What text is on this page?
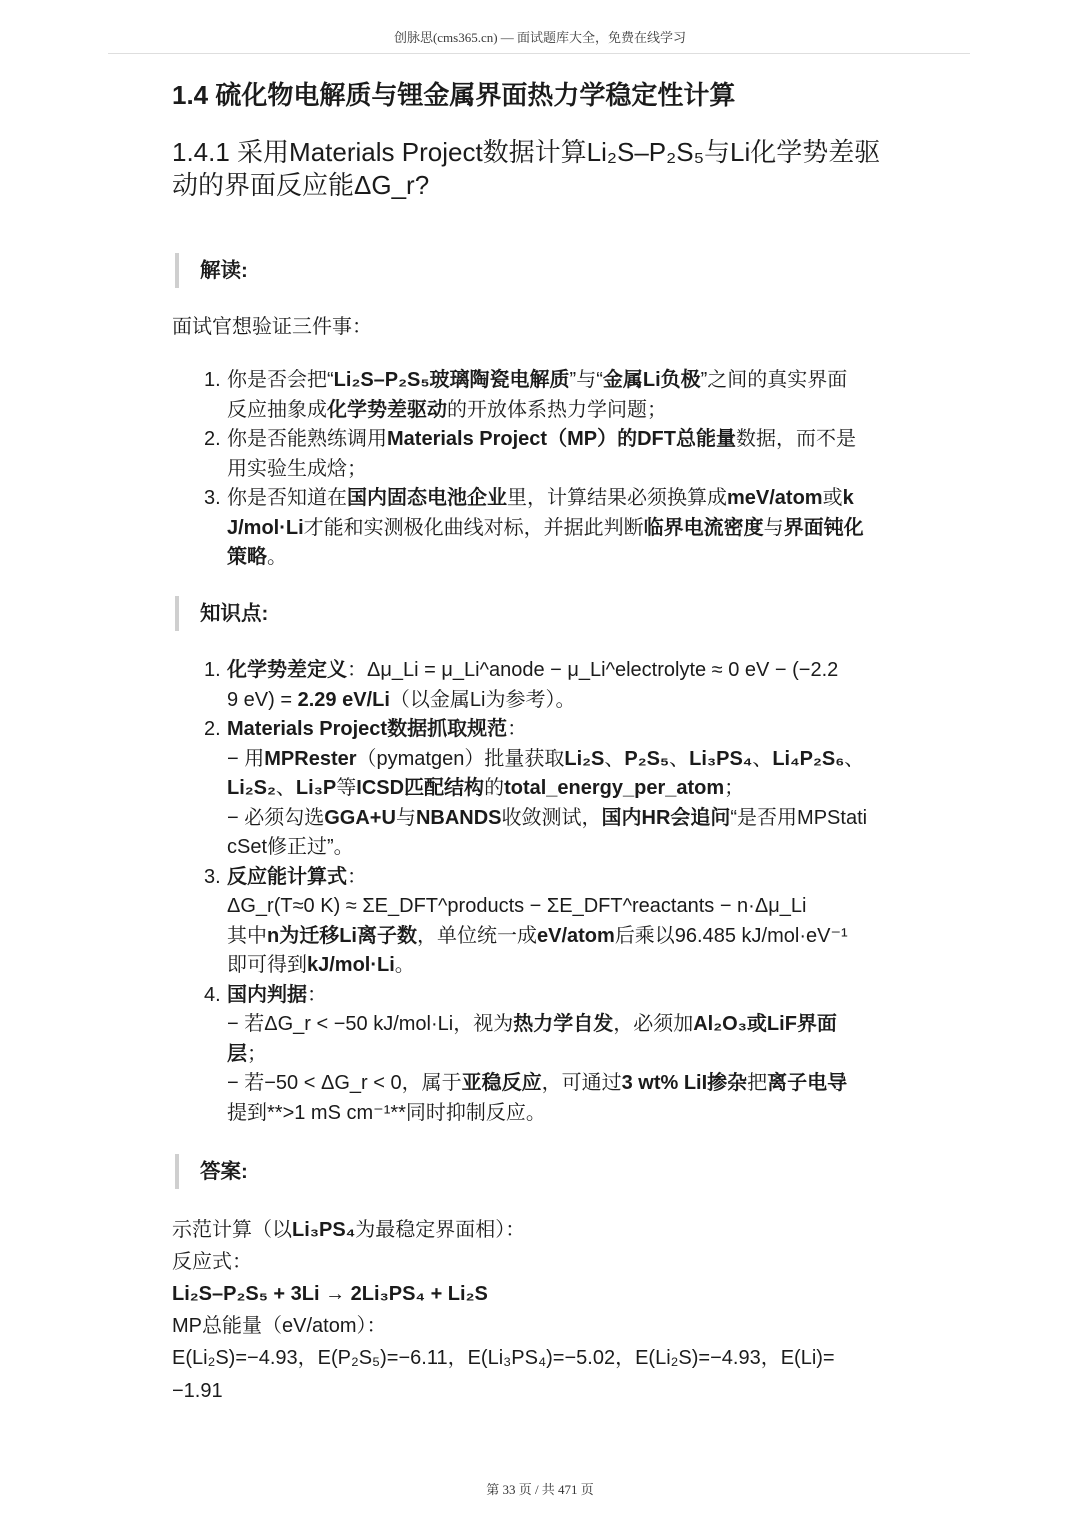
创脉思(cms365.cn) — 面试题库大全，免费在线学习
1.4 硫化物电解质与锂金属界面热力学稳定性计算
1.4.1 采用Materials Project数据计算Li₂S–P₂S₅与Li化学势差驱
动的界面反应能ΔG_r?
解读:
面试官想验证三件事：
1. 你是否会把“Li₂S–P₂S₅玻璃陶瓷电解质”与“金属Li负极”之间的真实界面
反应抽象成化学势差驱动的开放体系热力学问题；
2. 你是否能熟练调用Materials Project（MP）的DFT总能量数据，而不是
用实验生成焓；
3. 你是否知道在国内固态电池企业里，计算结果必须换算成meV/atom或k
J/mol·Li才能和实测极化曲线对标，并据此判断临界电流密度与界面钝化
策略。
知识点:
1. 化学势差定义：Δμ_Li = μ_Li^anode − μ_Li^electrolyte ≈ 0 eV − (−2.2
9 eV) = 2.29 eV/Li（以金属Li为参考）。
2. Materials Project数据抓取规范：
− 用MPRester（pymatgen）批量获取Li₂S、P₂S₅、Li₃PS₄、Li₄P₂S₆、
Li₂S₂、Li₃P等ICSD匹配结构的total_energy_per_atom；
− 必须勾选GGA+U与NBANDS收敛测试，国内HR会追问“是否用MPStati
cSet修正过”。
3. 反应能计算式：
ΔG_r(T≈0 K) ≈ ΣE_DFT^products − ΣE_DFT^reactants − n·Δμ_Li
其中n为迁移Li离子数，单位统一成eV/atom后乘以96.485 kJ/mol·eV⁻¹
即可得到kJ/mol·Li。
4. 国内判据：
− 若ΔG_r < −50 kJ/mol·Li，视为热力学自发，必须加Al₂O₃或LiF界面
层；
− 若−50 < ΔG_r < 0，属于亚稳反应，可通过3 wt% LiI掺杂把离子电导
提到**>1 mS cm⁻¹**同时抑制反应。
答案:
示范计算（以Li₃PS₄为最稳定界面相）：
反应式：
Li₂S–P₂S₅ + 3Li → 2Li₃PS₄ + Li₂S
MP总能量（eV/atom）：
E(Li₂S)=−4.93，E(P₂S₅)=−6.11，E(Li₃PS₄)=−5.02，E(Li₂S)=−4.93，E(Li)=
−1.91
第 33 页 / 共 471 页
